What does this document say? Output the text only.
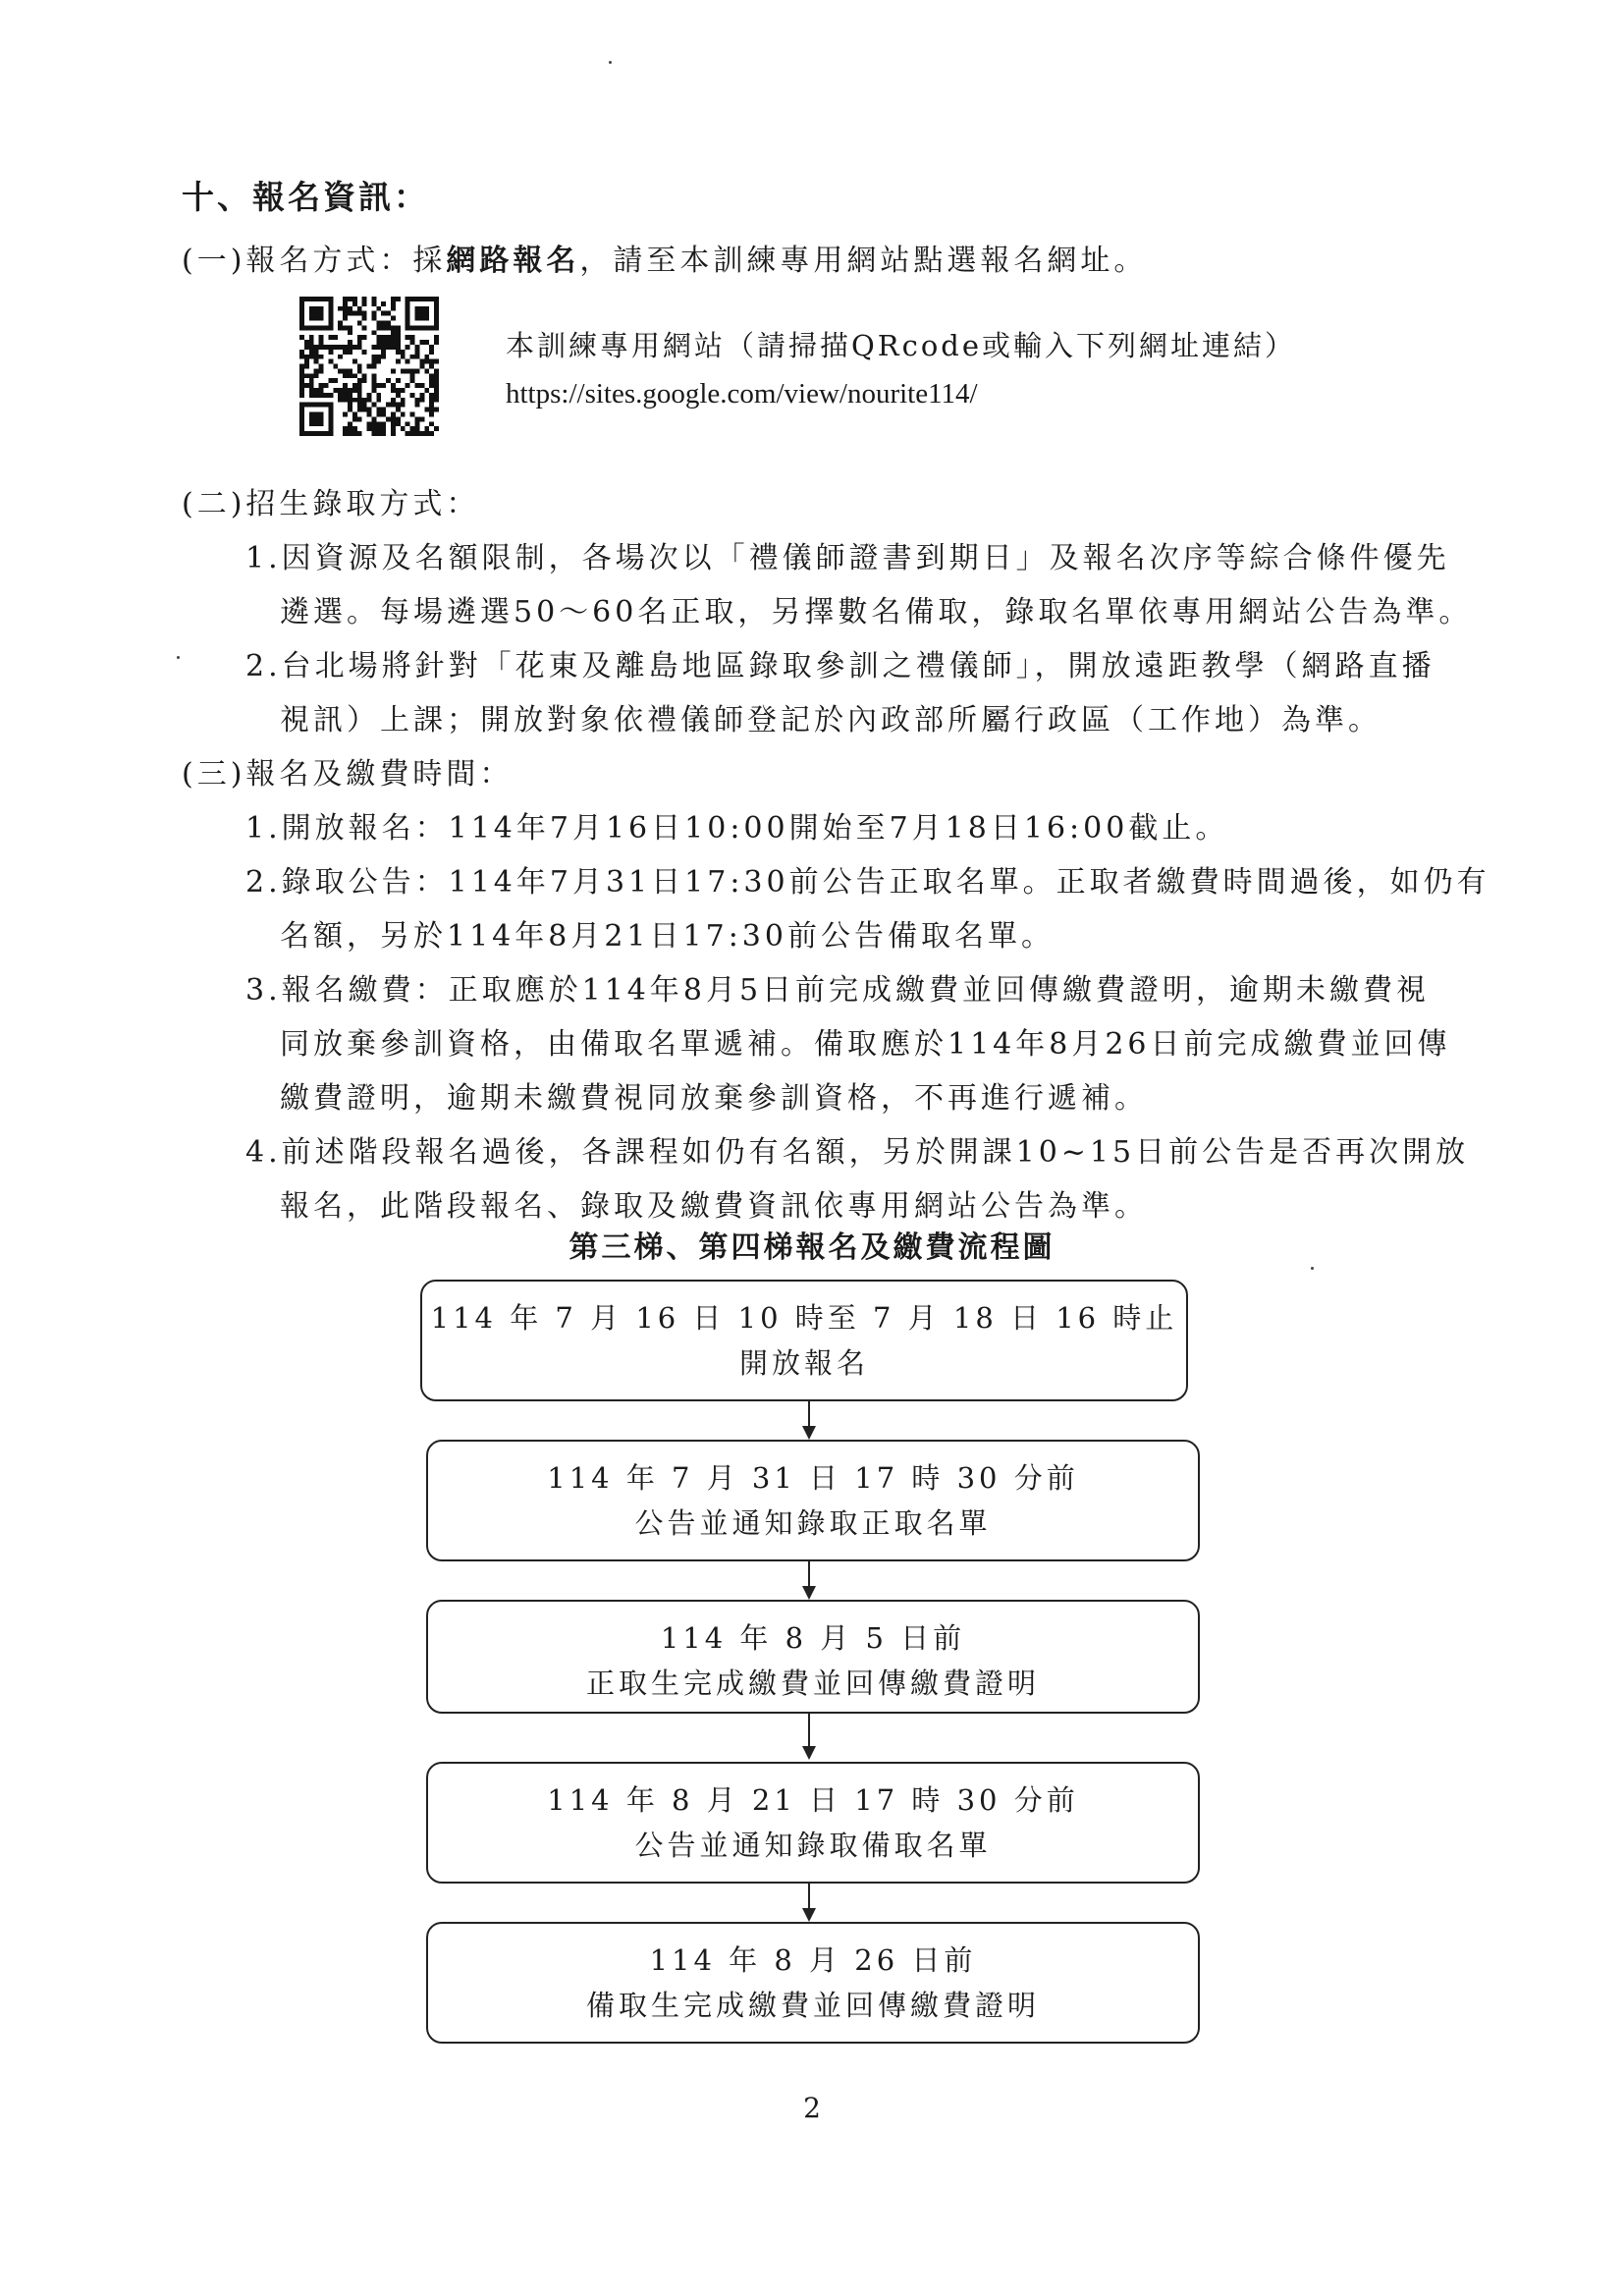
十、報名資訊：
(一)報名方式：採網路報名，請至本訓練專用網站點選報名網址。
本訓練專用網站（請掃描QRcode或輸入下列網址連結）
https://sites.google.com/view/nourite114/
(二)招生錄取方式：
1.因資源及名額限制，各場次以「禮儀師證書到期日」及報名次序等綜合條件優先
遴選。每場遴選50～60名正取，另擇數名備取，錄取名單依專用網站公告為準。
2.台北場將針對「花東及離島地區錄取參訓之禮儀師」，開放遠距教學（網路直播
視訊）上課；開放對象依禮儀師登記於內政部所屬行政區（工作地）為準。
(三)報名及繳費時間：
1.開放報名：114年7月16日10:00開始至7月18日16:00截止。
2.錄取公告：114年7月31日17:30前公告正取名單。正取者繳費時間過後，如仍有
名額，另於114年8月21日17:30前公告備取名單。
3.報名繳費：正取應於114年8月5日前完成繳費並回傳繳費證明，逾期未繳費視
同放棄參訓資格，由備取名單遞補。備取應於114年8月26日前完成繳費並回傳
繳費證明，逾期未繳費視同放棄參訓資格，不再進行遞補。
4.前述階段報名過後，各課程如仍有名額，另於開課10~15日前公告是否再次開放
報名，此階段報名、錄取及繳費資訊依專用網站公告為準。
第三梯、第四梯報名及繳費流程圖
114 年 7 月 16 日 10 時至 7 月 18 日 16 時止
開放報名
114 年 7 月 31 日 17 時 30 分前
公告並通知錄取正取名單
114 年 8 月 5 日前
正取生完成繳費並回傳繳費證明
114 年 8 月 21 日 17 時 30 分前
公告並通知錄取備取名單
114 年 8 月 26 日前
備取生完成繳費並回傳繳費證明
2
